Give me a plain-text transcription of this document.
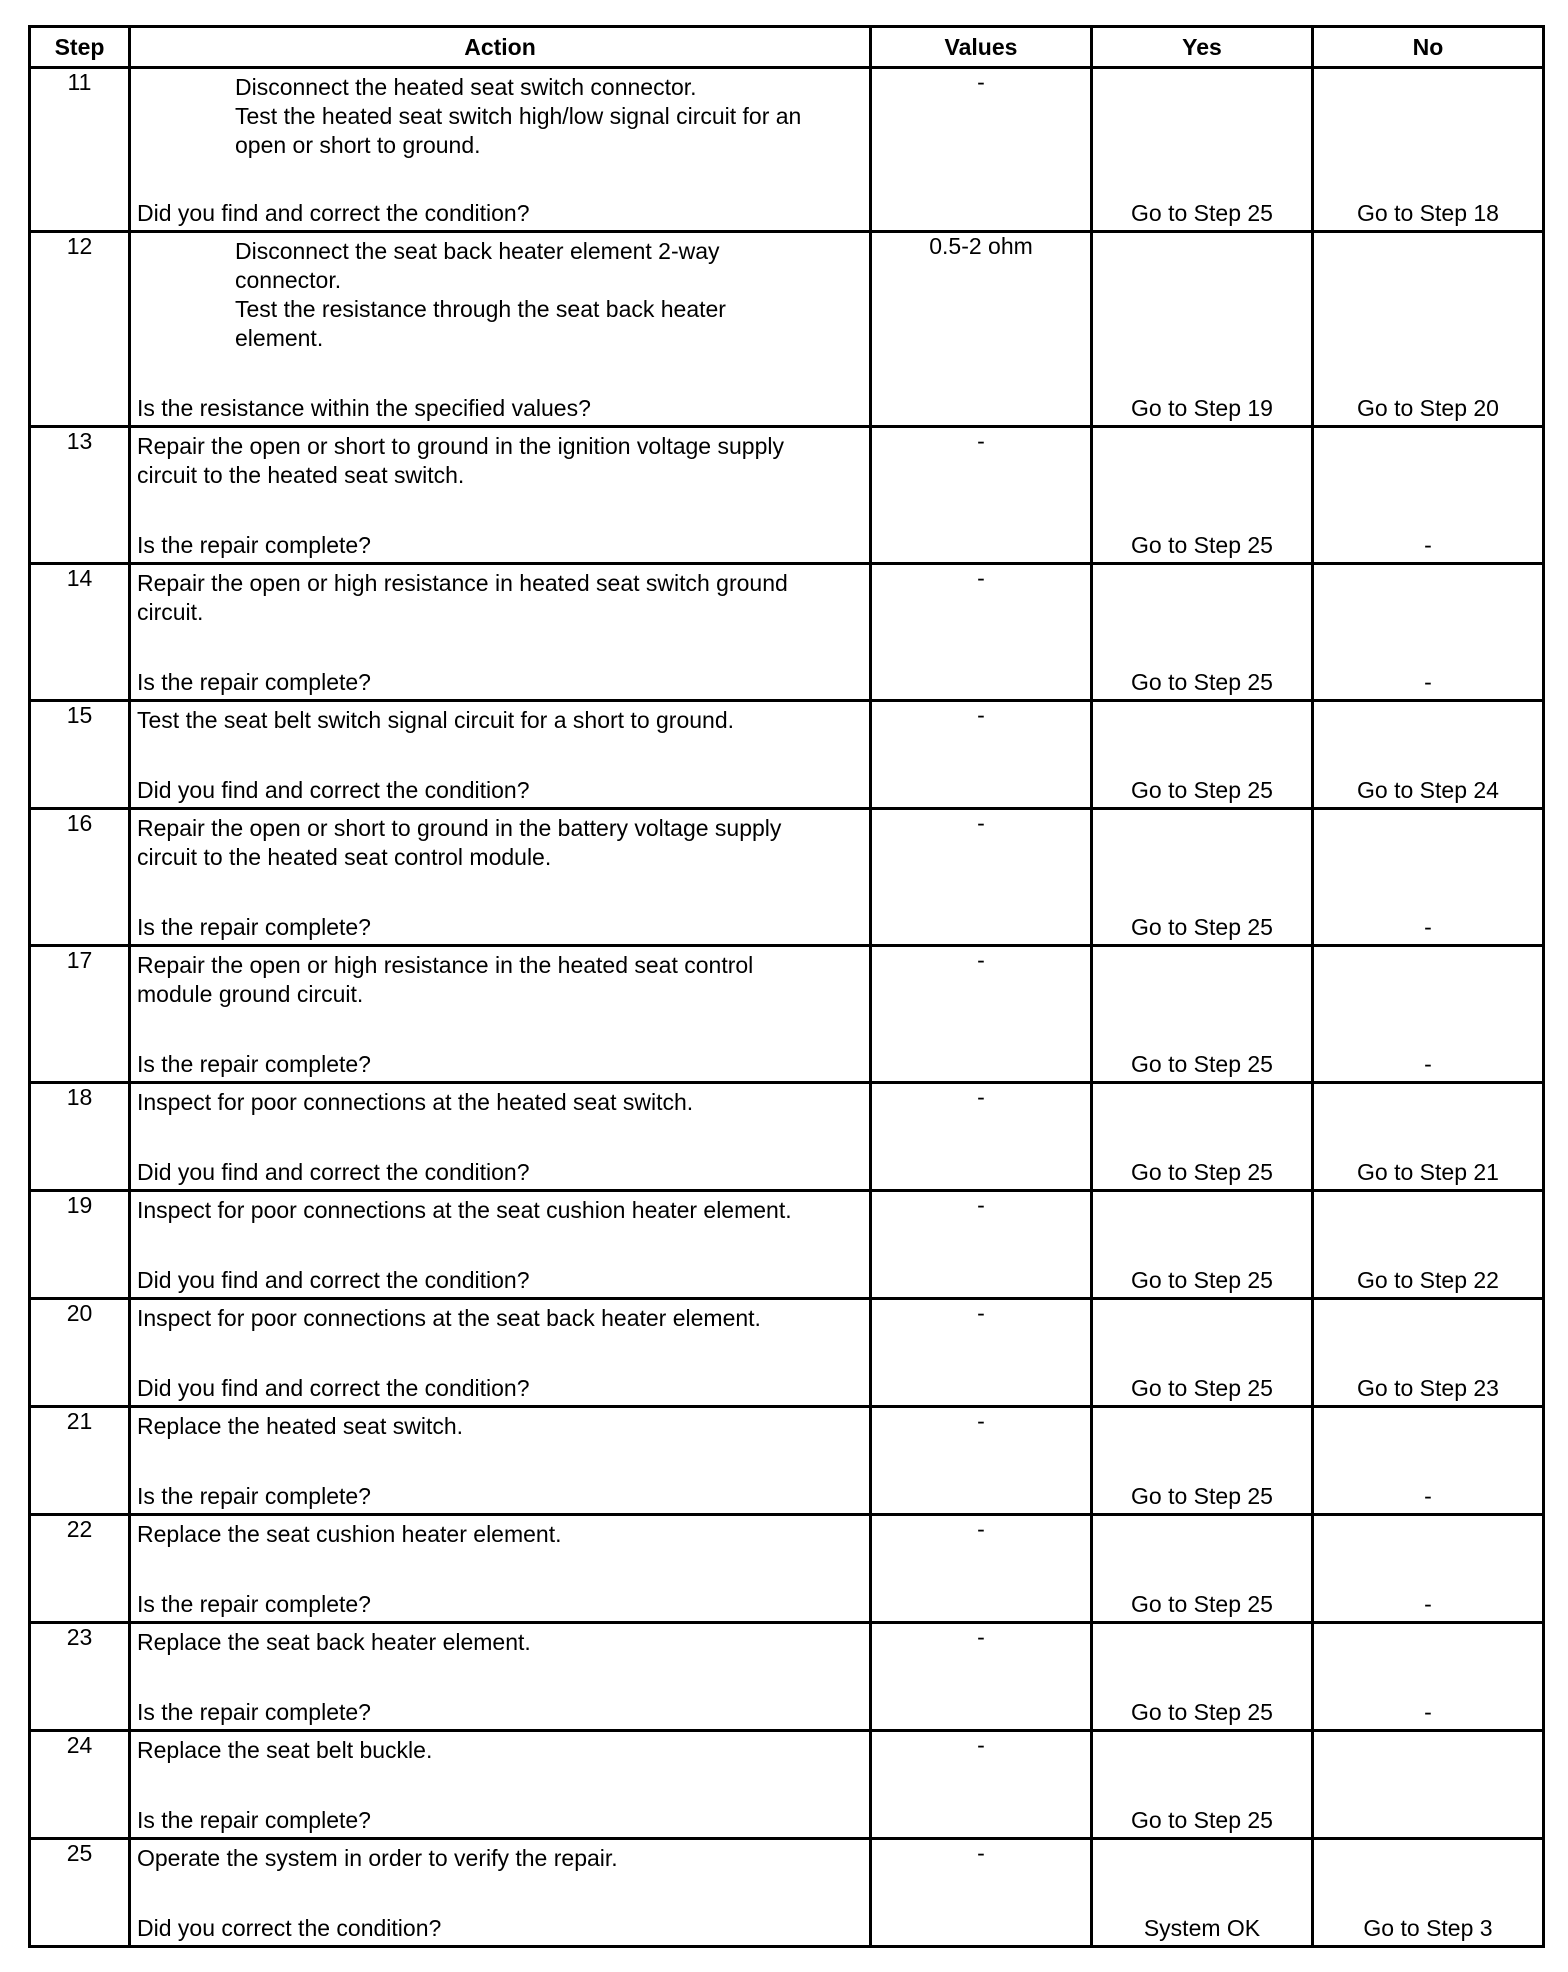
Step	Action	Values	Yes	No
11	Disconnect the heated seat switch connector.
Test the heated seat switch high/low signal circuit for an
open or short to ground.
Did you find and correct the condition?	-	Go to Step 25	Go to Step 18

12	Disconnect the seat back heater element 2-way
connector.
Test the resistance through the seat back heater
element.
Is the resistance within the specified values?	0.5-2 ohm	Go to Step 19	Go to Step 20

13	Repair the open or short to ground in the ignition voltage supply
circuit to the heated seat switch.
Is the repair complete?	-	Go to Step 25	-

14	Repair the open or high resistance in heated seat switch ground
circuit.
Is the repair complete?	-	Go to Step 25	-

15	Test the seat belt switch signal circuit for a short to ground.
Did you find and correct the condition?	-	Go to Step 25	Go to Step 24

16	Repair the open or short to ground in the battery voltage supply
circuit to the heated seat control module.
Is the repair complete?	-	Go to Step 25	-

17	Repair the open or high resistance in the heated seat control
module ground circuit.
Is the repair complete?	-	Go to Step 25	-

18	Inspect for poor connections at the heated seat switch.
Did you find and correct the condition?	-	Go to Step 25	Go to Step 21

19	Inspect for poor connections at the seat cushion heater element.
Did you find and correct the condition?	-	Go to Step 25	Go to Step 22

20	Inspect for poor connections at the seat back heater element.
Did you find and correct the condition?	-	Go to Step 25	Go to Step 23

21	Replace the heated seat switch.
Is the repair complete?	-	Go to Step 25	-

22	Replace the seat cushion heater element.
Is the repair complete?	-	Go to Step 25	-

23	Replace the seat back heater element.
Is the repair complete?	-	Go to Step 25	-

24	Replace the seat belt buckle.
Is the repair complete?	-	Go to Step 25	

25	Operate the system in order to verify the repair.
Did you correct the condition?	-	System OK	Go to Step 3
